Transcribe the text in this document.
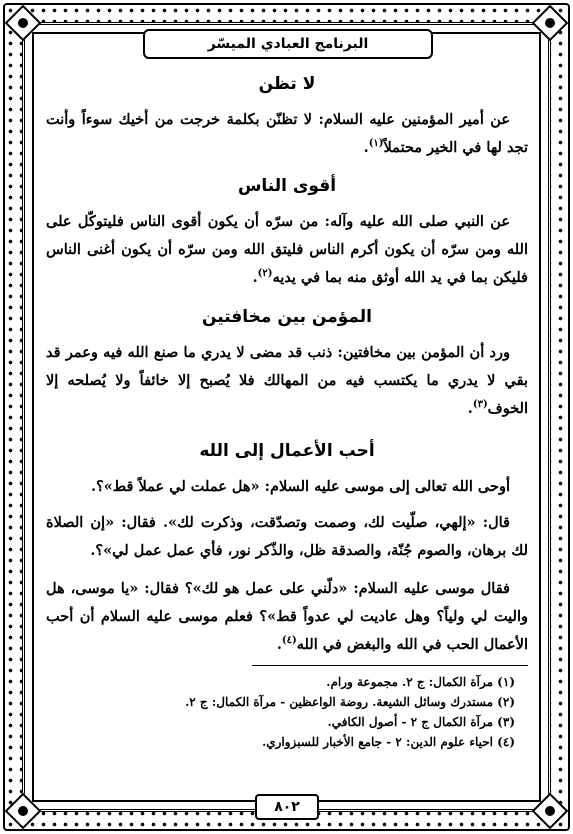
البرنامج العبادي الميسّر
لا تظن

عن أمير المؤمنين عليه السلام: لا تظنّن بكلمة خرجت من أخيك سوءاً وأنت تجد لها في الخير محتملاً$^{(١)}$.

أقوى الناس

عن النبي صلى الله عليه وآله: من سرّه أن يكون أقوى الناس فليتوكّل على الله ومن سرّه أن يكون أكرم الناس فليتق الله ومن سرّه أن يكون أغنى الناس فليكن بما في يد الله أوثق منه بما في يديه$^{(٢)}$.

المؤمن بين مخافتين

ورد أن المؤمن بين مخافتين: ذنب قد مضى لا يدري ما صنع الله فيه وعمر قد بقي لا يدري ما يكتسب فيه من المهالك فلا يُصبح إلا خائفاً ولا يُصلحه إلا الخوف$^{(٣)}$.

أحب الأعمال إلى الله

أوحى الله تعالى إلى موسى عليه السلام: «هل عملت لي عملاً قط»؟.

قال: «إلهي، صلّيت لك، وصمت وتصدّقت، وذكرت لك». فقال: «إن الصلاة لك برهان، والصوم جُنّة، والصدقة ظل، والذّكر نور، فأي عمل عمل لي»؟.

فقال موسى عليه السلام: «دلّني على عمل هو لك»؟ فقال: «يا موسى، هل واليت لي ولياً؟ وهل عاديت لي عدواً قط»؟ فعلم موسى عليه السلام أن أحب الأعمال الحب في الله والبغض في الله$^{(٤)}$.

(١) مرآة الكمال: ج ٢. مجموعة ورام.
(٢) مستدرك وسائل الشيعة. روضة الواعظين - مرآة الكمال: ج ٢.
(٣) مرآة الكمال ج ٢ - أصول الكافي.
(٤) احياء علوم الدين: ٢ - جامع الأخبار للسبزواري.
٨٠٢
